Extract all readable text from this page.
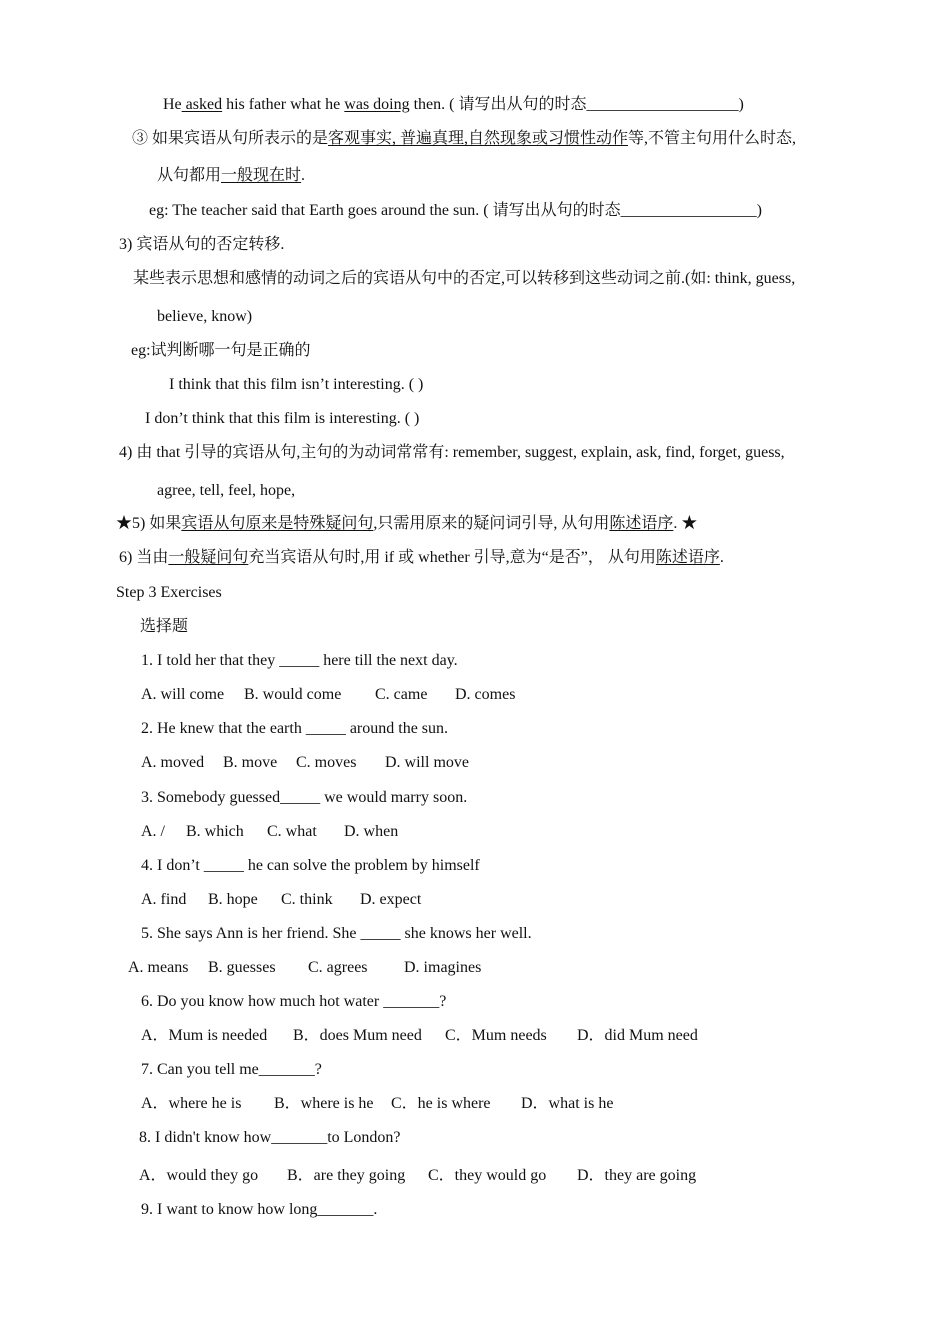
He asked his father what he was doing then. ( 请写出从句的时态___________________)
③ 如果宾语从句所表示的是客观事实, 普遍真理,自然现象或习惯性动作等,不管主句用什么时态,
从句都用一般现在时.
eg: The teacher said that Earth goes around the sun. ( 请写出从句的时态_________________)
3) 宾语从句的否定转移.
某些表示思想和感情的动词之后的宾语从句中的否定,可以转移到这些动词之前.(如: think, guess,
believe, know)
eg:试判断哪一句是正确的
I think that this film isn’t interesting. ( )
I don’t think that this film is interesting. ( )
4) 由 that 引导的宾语从句,主句的为动词常常有: remember, suggest, explain, ask, find, forget, guess,
agree, tell, feel, hope,
★5) 如果宾语从句原来是特殊疑问句,只需用原来的疑问词引导, 从句用陈述语序. ★
6) 当由一般疑问句充当宾语从句时,用 if 或 whether 引导,意为“是否”， 从句用陈述语序.
Step 3 Exercises
选择题
1. I told her that they _____ here till the next day.
A. will come B. would come C. came D. comes
2. He knew that the earth _____ around the sun.
A. moved B. move C. moves D. will move
3. Somebody guessed_____ we would marry soon.
A. / B. which C. what D. when
4. I don’t _____ he can solve the problem by himself
A. find B. hope C. think D. expect
5. She says Ann is her friend. She _____ she knows her well.
A. means B. guesses C. agrees D. imagines
6. Do you know how much hot water _______?
A．Mum is needed B．does Mum need C．Mum needs D．did Mum need
7. Can you tell me_______?
A．where he is B．where is he C．he is where D．what is he
8. I didn't know how_______to London?
A．would they go B．are they going C．they would go D．they are going
9. I want to know how long_______.
